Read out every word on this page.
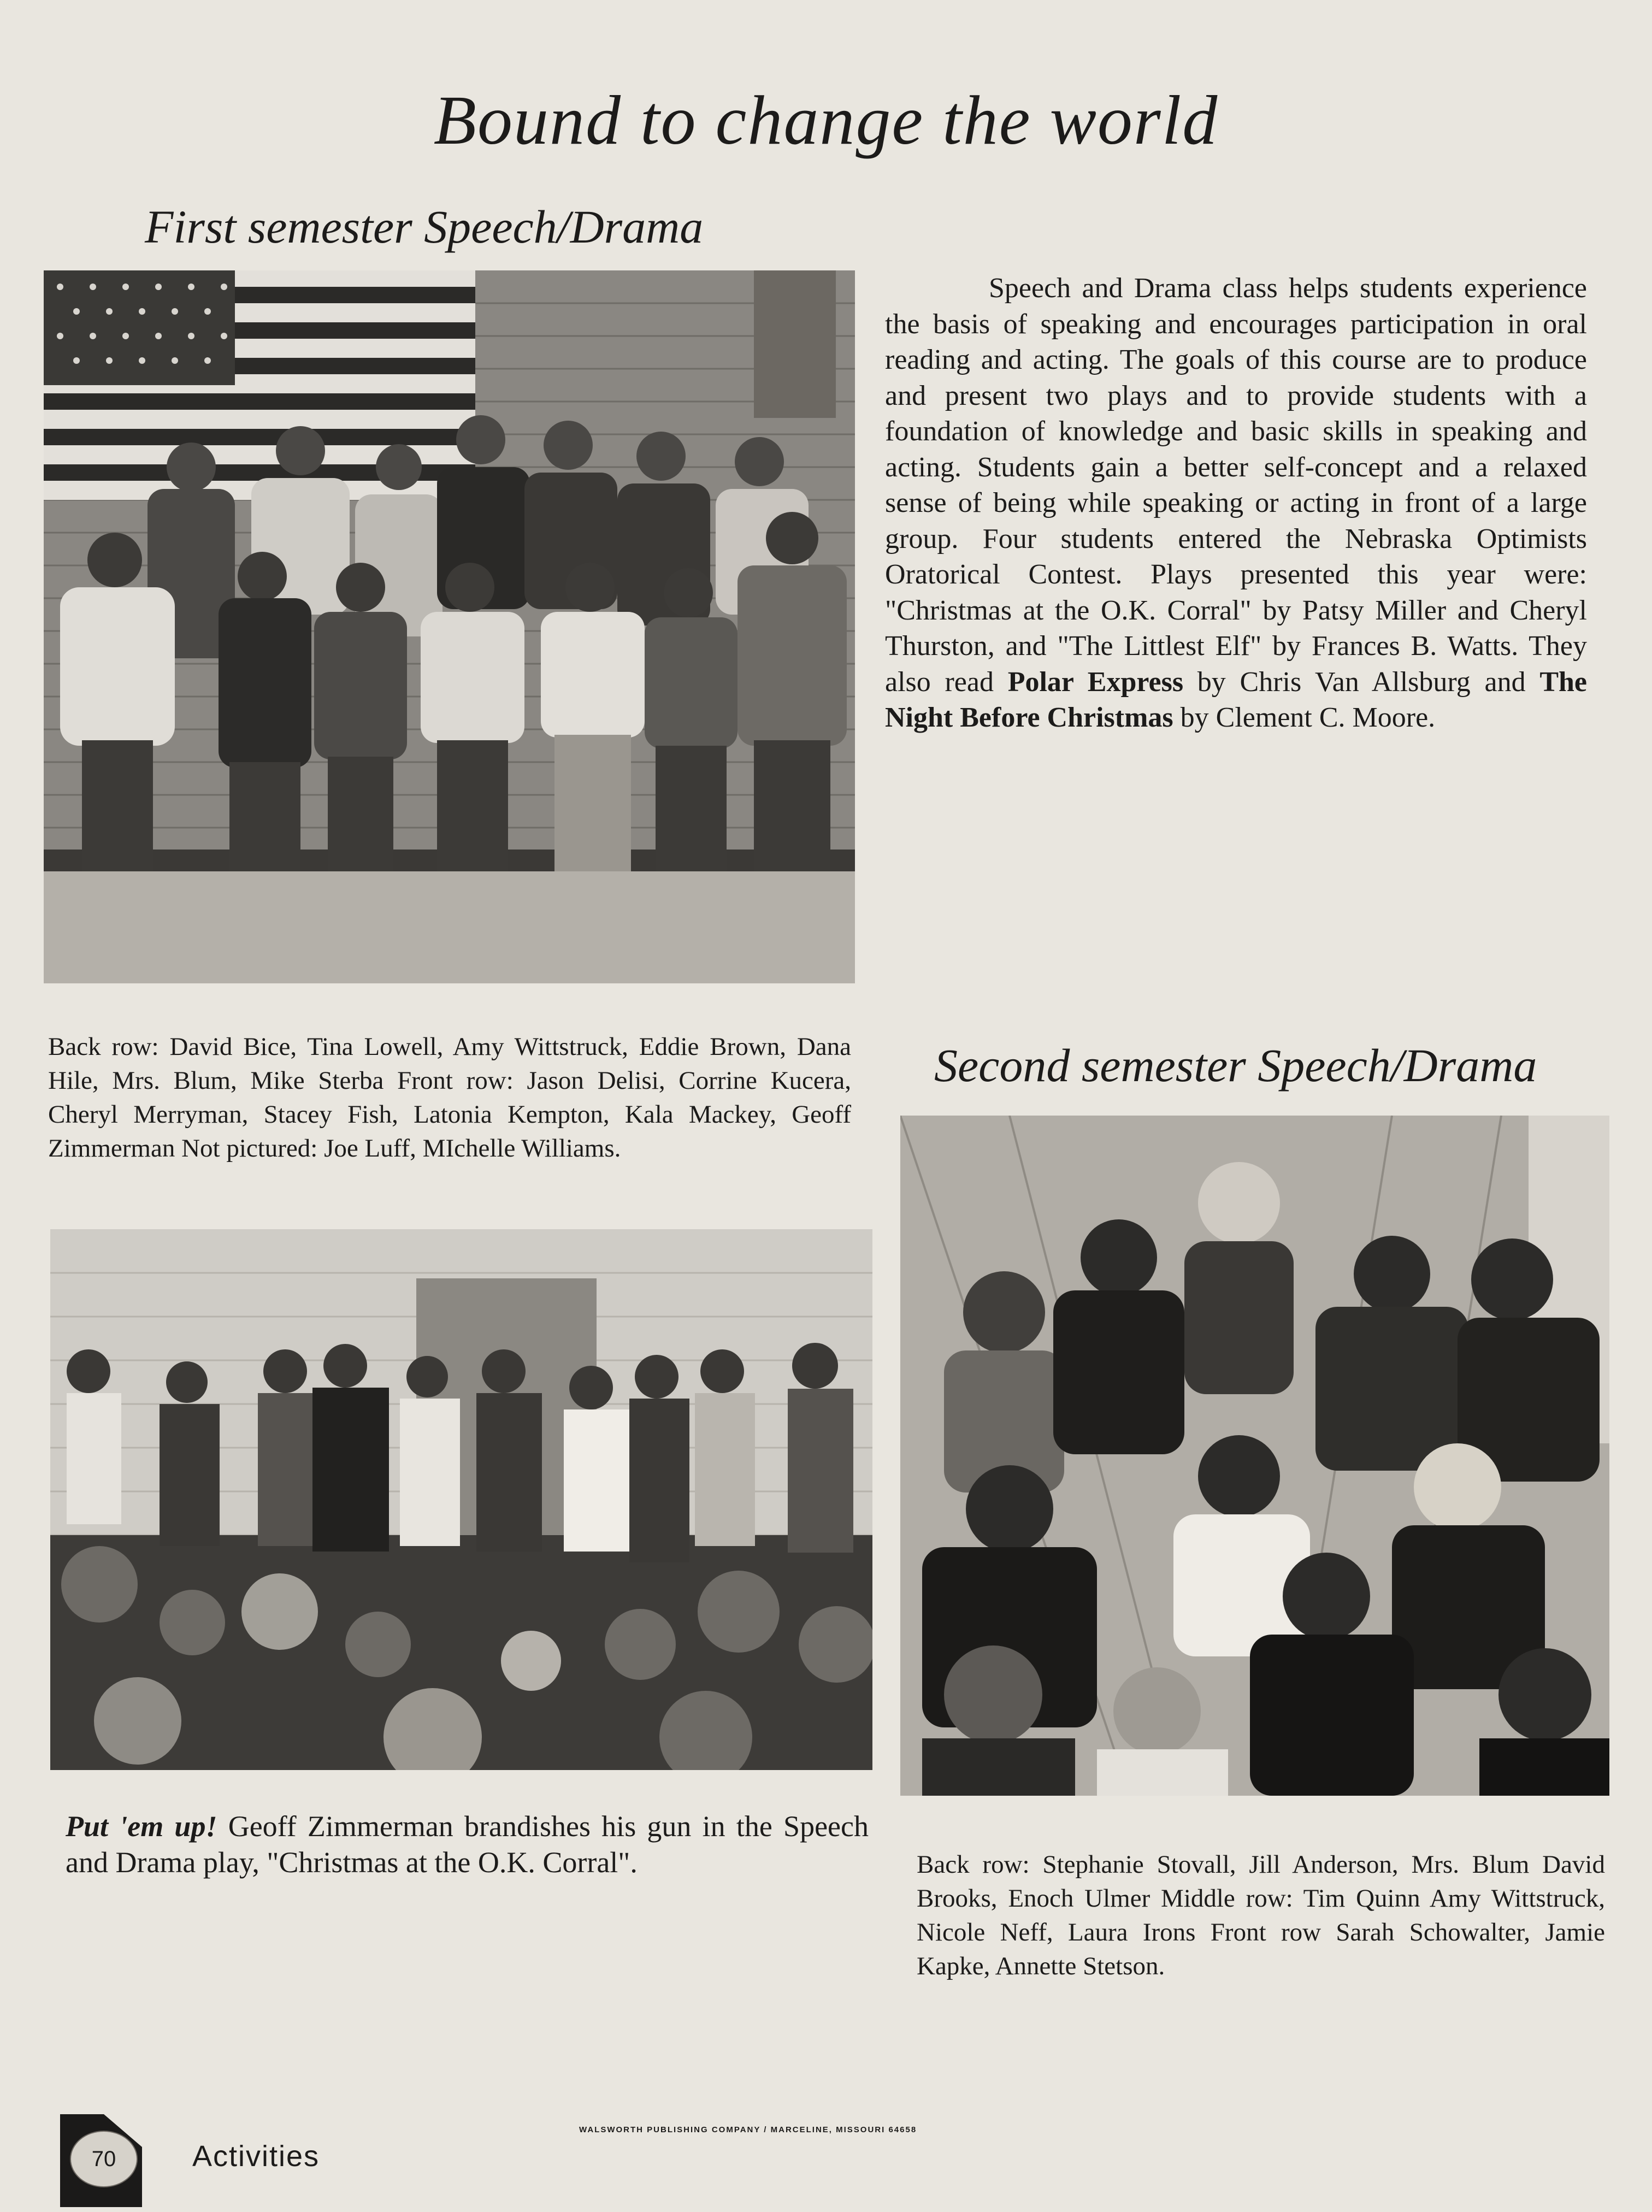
Bound to change the world
First semester Speech/Drama
Speech and Drama class helps students experience the basis of speaking and encourages participation in oral reading and acting. The goals of this course are to produce and present two plays and to provide students with a foundation of knowledge and basic skills in speaking and acting. Students gain a better self-concept and a relaxed sense of being while speaking or acting in front of a large group. Four students entered the Nebraska Optimists Oratorical Contest. Plays presented this year were: "Christmas at the O.K. Corral" by Patsy Miller and Cheryl Thurston, and "The Littlest Elf" by Frances B. Watts. They also read Polar Express by Chris Van Allsburg and The Night Before Christmas by Clement C. Moore.
Back row: David Bice, Tina Lowell, Amy Wittstruck, Eddie Brown, Dana Hile, Mrs. Blum, Mike Sterba Front row: Jason Delisi, Corrine Kucera, Cheryl Merryman, Stacey Fish, Latonia Kempton, Kala Mackey, Geoff Zimmerman Not pictured: Joe Luff, MIchelle Williams.
Second semester Speech/Drama
Put 'em up! Geoff Zimmerman brandishes his gun in the Speech and Drama play, "Christmas at the O.K. Corral".	Back row: Stephanie Stovall, Jill Anderson, Mrs. Blum David Brooks, Enoch Ulmer Middle row: Tim Quinn Amy Wittstruck, Nicole Neff, Laura Irons Front row Sarah Schowalter, Jamie Kapke, Annette Stetson.
70	Activities
WALSWORTH PUBLISHING COMPANY / MARCELINE, MISSOURI 64658
